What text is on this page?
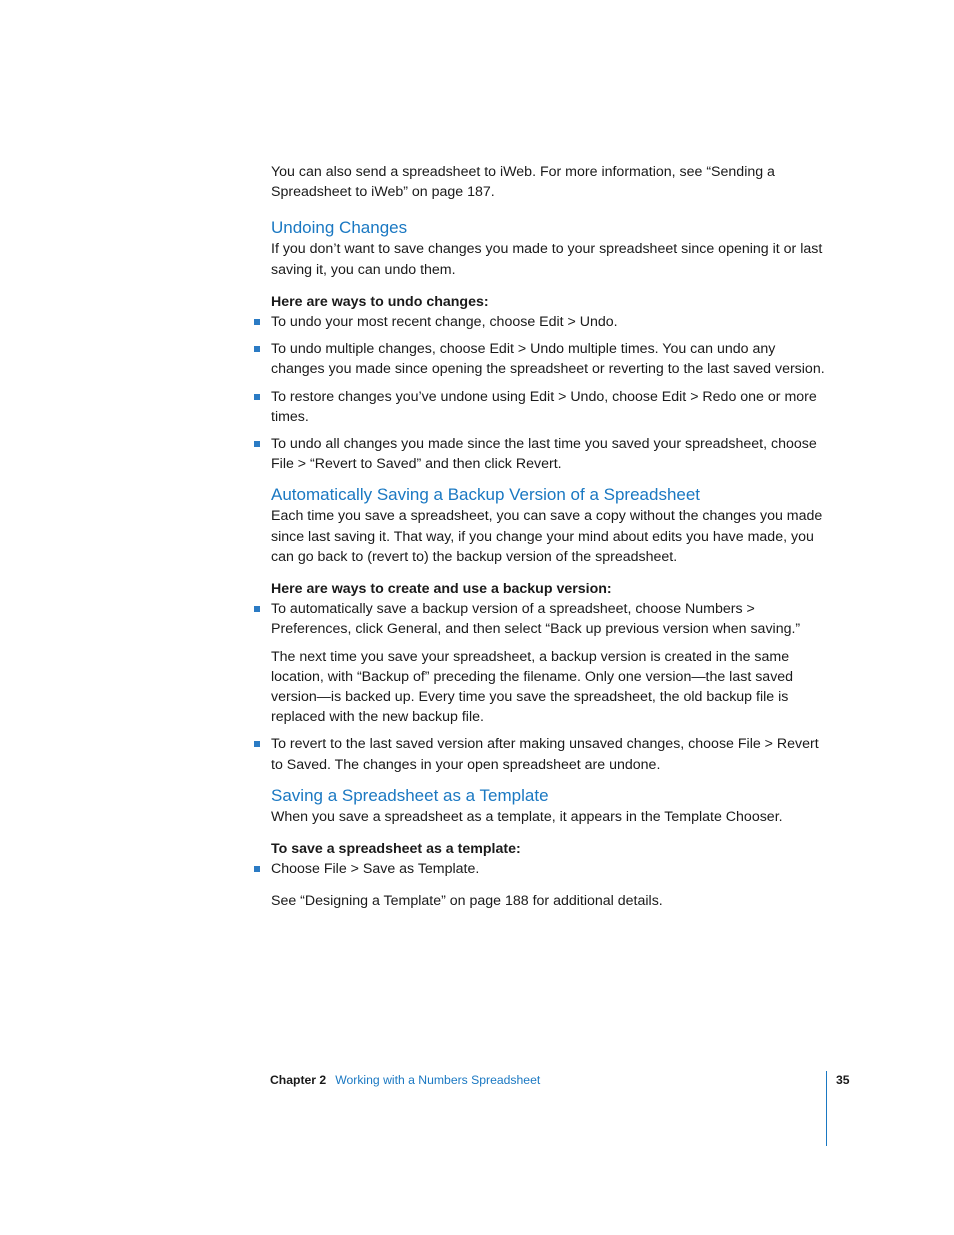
You can also send a spreadsheet to iWeb. For more information, see “Sending a Spreadsheet to iWeb” on page 187.

Undoing Changes

If you don’t want to save changes you made to your spreadsheet since opening it or last saving it, you can undo them.

Here are ways to undo changes:

To undo your most recent change, choose Edit > Undo.
To undo multiple changes, choose Edit > Undo multiple times. You can undo any changes you made since opening the spreadsheet or reverting to the last saved version.
To restore changes you’ve undone using Edit > Undo, choose Edit > Redo one or more times.
To undo all changes you made since the last time you saved your spreadsheet, choose File > “Revert to Saved” and then click Revert.
Automatically Saving a Backup Version of a Spreadsheet

Each time you save a spreadsheet, you can save a copy without the changes you made since last saving it. That way, if you change your mind about edits you have made, you can go back to (revert to) the backup version of the spreadsheet.

Here are ways to create and use a backup version:

To automatically save a backup version of a spreadsheet, choose Numbers > Preferences, click General, and then select “Back up previous version when saving.”

The next time you save your spreadsheet, a backup version is created in the same location, with “Backup of” preceding the filename. Only one version—the last saved version—is backed up. Every time you save the spreadsheet, the old backup file is replaced with the new backup file.

To revert to the last saved version after making unsaved changes, choose File > Revert to Saved. The changes in your open spreadsheet are undone.
Saving a Spreadsheet as a Template

When you save a spreadsheet as a template, it appears in the Template Chooser.

To save a spreadsheet as a template:

Choose File > Save as Template.

See “Designing a Template” on page 188 for additional details.

Chapter 2 Working with a Numbers Spreadsheet	35
